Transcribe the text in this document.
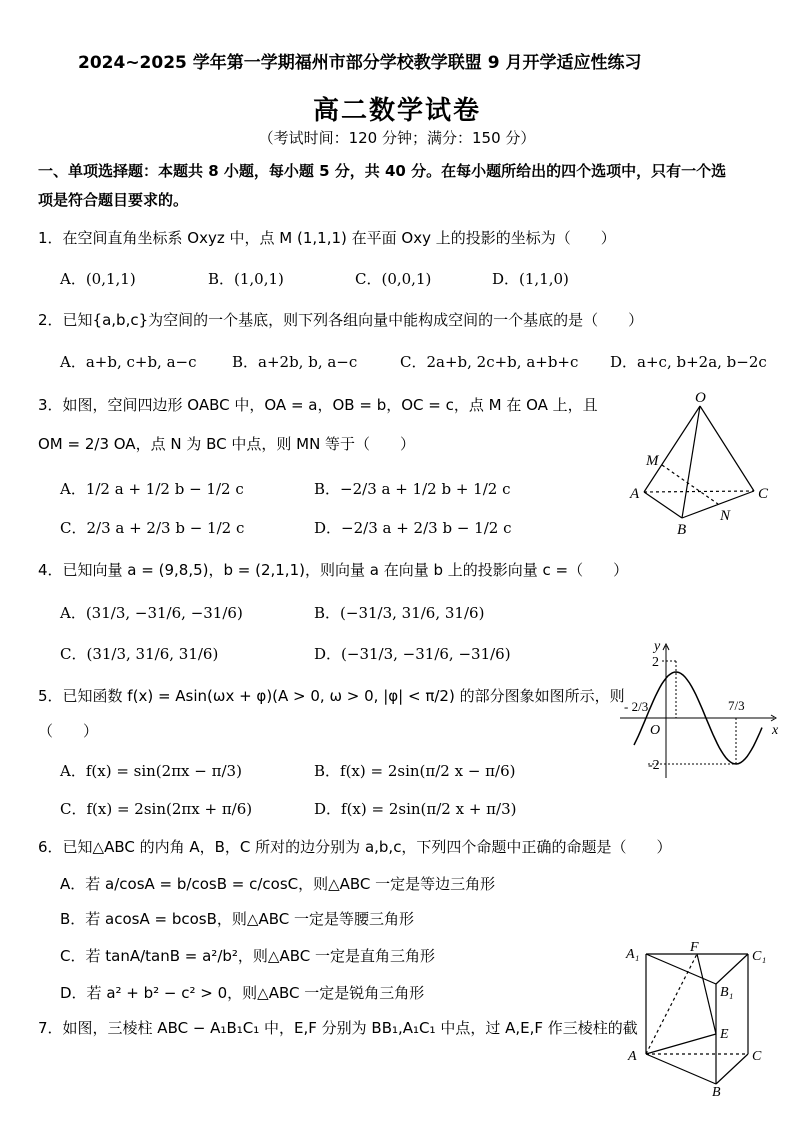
2024~2025 学年第一学期福州市部分学校教学联盟 9 月开学适应性练习
高二数学试卷
（考试时间：120 分钟；满分：150 分）
一、单项选择题：本题共 8 小题，每小题 5 分，共 40 分。在每小题所给出的四个选项中，只有一个选
项是符合题目要求的。
1．在空间直角坐标系 Oxyz 中，点 M (1,1,1) 在平面 Oxy 上的投影的坐标为（　　）
A．(0,1,1)	B．(1,0,1)	C．(0,0,1)	D．(1,1,0)
2．已知{a,b,c}为空间的一个基底，则下列各组向量中能构成空间的一个基底的是（　　）
A．a+b, c+b, a−c B．a+2b, b, a−c	C．2a+b, 2c+b, a+b+c D．a+c, b+2a, b−2c
3．如图，空间四边形 OABC 中，OA = a，OB = b，OC = c，点 M 在 OA 上，且
OM = 2/3 OA，点 N 为 BC 中点，则 MN 等于（　　）
A．1/2 a + 1/2 b − 1/2 c	B．−2/3 a + 1/2 b + 1/2 c
C．2/3 a + 2/3 b − 1/2 c	D．−2/3 a + 2/3 b − 1/2 c
O
M
A	C
B
N
4．已知向量 a = (9,8,5)，b = (2,1,1)，则向量 a 在向量 b 上的投影向量 c =（　　）
A．(31/3, −31/6, −31/6)	B．(−31/3, 31/6, 31/6)
C．(31/3, 31/6, 31/6)	D．(−31/3, −31/6, −31/6)
5．已知函数 f(x) = Asin(ωx + φ)(A > 0, ω > 0, |φ| < π/2) 的部分图象如图所示，则
（　　）
A．f(x) = sin(2πx − π/3)	B．f(x) = 2sin(π/2 x − π/6)
C．f(x) = 2sin(2πx + π/6)	D．f(x) = 2sin(π/2 x + π/3)
y
x
O
2
-2
- 2/3	7/3
6．已知△ABC 的内角 A，B，C 所对的边分别为 a,b,c，下列四个命题中正确的命题是（　　）
A．若 a/cosA = b/cosB = c/cosC，则△ABC 一定是等边三角形
B．若 acosA = bcosB，则△ABC 一定是等腰三角形
C．若 tanA/tanB = a²/b²，则△ABC 一定是直角三角形
D．若 a² + b² − c² > 0，则△ABC 一定是锐角三角形
7．如图，三棱柱 ABC − A₁B₁C₁ 中，E,F 分别为 BB₁,A₁C₁ 中点，过 A,E,F 作三棱柱的截
A₁	F
C₁
B₁
E
A	C
B
